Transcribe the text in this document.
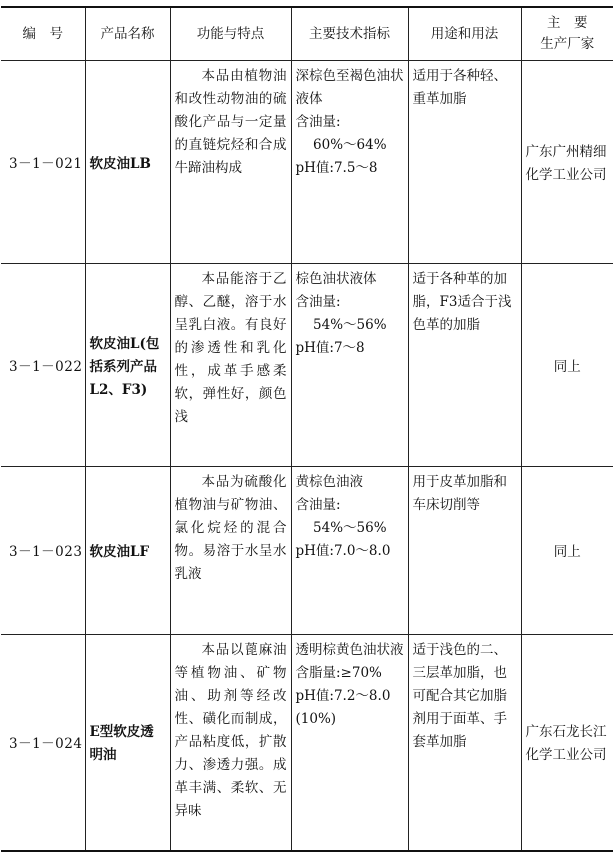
编　号	产品名称	功能与特点	主要技术指标	用途和用法	主　要
生产厂家
3－1－021	软皮油LB	本品由植物油和改性动物油的硫酸化产品与一定量的直链烷烃和合成牛蹄油构成	深棕色至褐色油状液体
含油量:

60%～64%
pH值:7.5～8	适用于各种轻、重革加脂	广东广州精细化学工业公司
3－1－022	软皮油L(包括系列产品L2、F3)	本品能溶于乙醇、乙醚，溶于水呈乳白液。有良好的渗透性和乳化性，成革手感柔软，弹性好，颜色浅	棕色油状液体
含油量:

54%～56%
pH值:7～8	适于各种革的加脂，F3适合于浅色革的加脂	同上
3－1－023	软皮油LF	本品为硫酸化植物油与矿物油、氯化烷烃的混合物。易溶于水呈水乳液	黄棕色油液
含油量:

54%～56%
pH值:7.0～8.0	用于皮革加脂和车床切削等	同上
3－1－024	E型软皮透明油	本品以蓖麻油等植物油、矿物油、助剂等经改性、磺化而制成，产品粘度低，扩散力、渗透力强。成革丰满、柔软、无异味	透明棕黄色油状液
含脂量:≥70%
pH值:7.2～8.0
(10%)	适于浅色的二、三层革加脂，也可配合其它加脂剂用于面革、手套革加脂	广东石龙长江化学工业公司
